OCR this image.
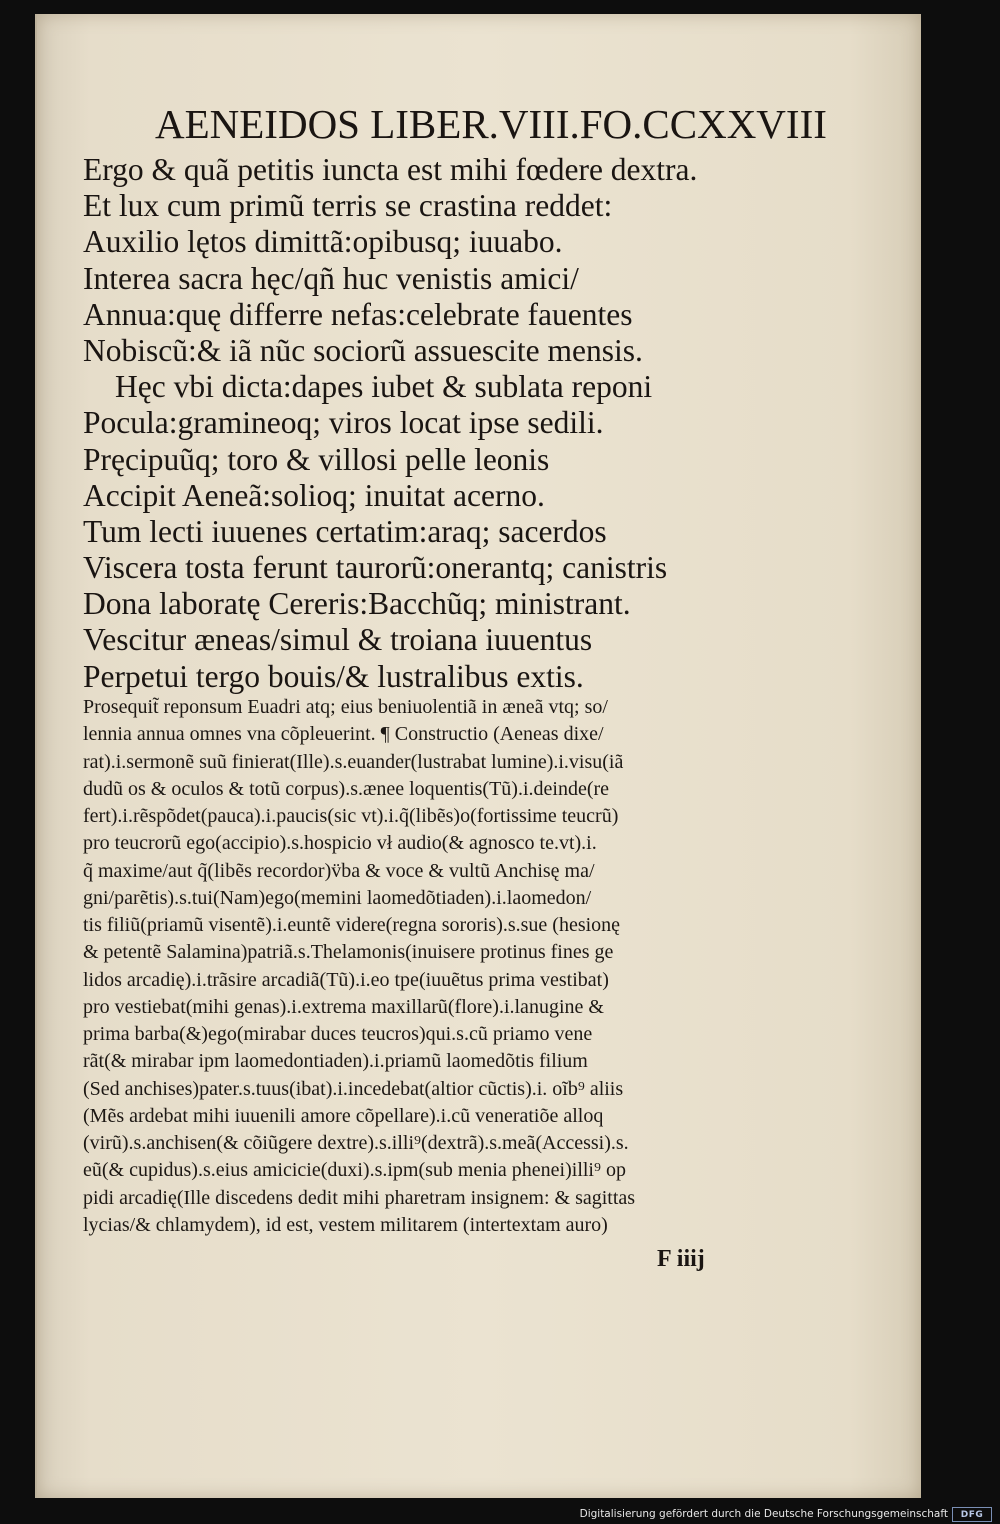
AENEIDOS LIBER.VIII.FO.CCXXVIII
Ergo & quã petitis iuncta est mihi fœdere dextra.
Et lux cum primũ terris se crastina reddet:
Auxilio lętos dimittã:opibusq; iuuabo.
Interea sacra hęc/qñ huc venistis amici/
Annua:quę differre nefas:celebrate fauentes
Nobiscũ:& iã nũc sociorũ assuescite mensis.
Hęc vbi dicta:dapes iubet & sublata reponi
Pocula:gramineoq; viros locat ipse sedili.
Pręcipuũq; toro & villosi pelle leonis
Accipit Aeneã:solioq; inuitat acerno.
Tum lecti iuuenes certatim:araq; sacerdos
Viscera tosta ferunt taurorũ:onerantq; canistris
Dona laboratę Cereris:Bacchũq; ministrant.
Vescitur æneas/simul & troiana iuuentus
Perpetui tergo bouis/& lustralibus extis.
Prosequit̃ reponsum Euadri atq; eius beniuolentiã in æneã vtq; so/
lennia annua omnes vna cõpleuerint. ¶ Constructio (Aeneas dixe/
rat).i.sermonẽ suũ finierat(Ille).s.euander(lustrabat lumine).i.visu(iã
dudũ os & oculos & totũ corpus).s.ænee loquentis(Tũ).i.deinde(re
fert).i.rẽspõdet(pauca).i.paucis(sic vt).i.q̃(libẽs)o(fortissime teucrũ)
pro teucrorũ ego(accipio).s.hospicio vł audio(& agnosco te.vt).i.
q̃ maxime/aut q̃(libẽs recordor)v̈ba & voce & vultũ Anchisę ma/
gni/parẽtis).s.tui(Nam)ego(memini laomedõtiaden).i.laomedon/
tis filiũ(priamũ visentẽ).i.euntẽ videre(regna sororis).s.sue (hesionę
& petentẽ Salamina)patriã.s.Thelamonis(inuisere protinus fines ge
lidos arcadię).i.trãsire arcadiã(Tũ).i.eo tpe(iuuẽtus prima vestibat)
pro vestiebat(mihi genas).i.extrema maxillarũ(flore).i.lanugine &
prima barba(&)ego(mirabar duces teucros)qui.s.cũ priamo vene
rãt(& mirabar ipm laomedontiaden).i.priamũ laomedõtis filium
(Sed anchises)pater.s.tuus(ibat).i.incedebat(altior cũctis).i. oĩb⁹ aliis
(Mẽs ardebat mihi iuuenili amore cõpellare).i.cũ veneratiõe alloq
(virũ).s.anchisen(& cõiũgere dextre).s.illi⁹(dextrã).s.meã(Accessi).s.
eũ(& cupidus).s.eius amicicie(duxi).s.ipm(sub menia phenei)illi⁹ op
pidi arcadię(Ille discedens dedit mihi pharetram insignem: & sagittas
lycias/& chlamydem), id est, vestem militarem (intertextam auro)
F iiij
Digitalisierung gefördert durch die Deutsche Forschungsgemeinschaft	DFG
